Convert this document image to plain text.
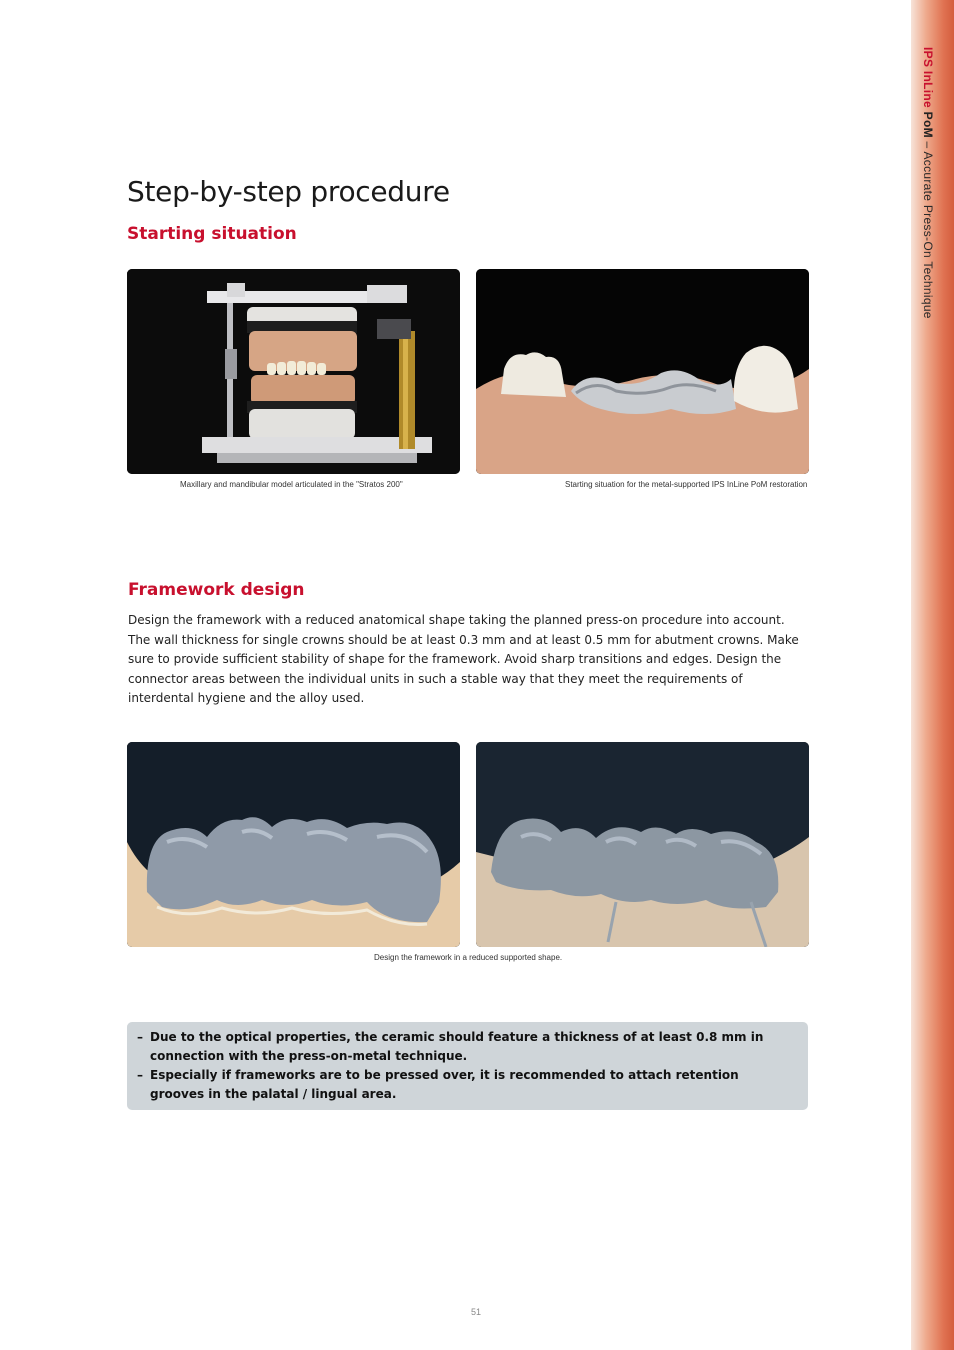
IPS InLine PoM – Accurate Press-On Technique
Step-by-step procedure
Starting situation
Maxillary and mandibular model articulated in the "Stratos 200"	Starting situation for the metal-supported IPS InLine PoM restoration
Framework design

Design the framework with a reduced anatomical shape taking the planned press-on procedure into account. The wall thickness for single crowns should be at least 0.3 mm and at least 0.5 mm for abutment crowns. Make sure to provide sufficient stability of shape for the framework. Avoid sharp transitions and edges. Design the connector areas between the individual units in such a stable way that they meet the requirements of interdental hygiene and the alloy used.

Design the framework in a reduced supported shape.
– Due to the optical properties, the ceramic should feature a thickness of at least 0.8 mm in connection with the press-on-metal technique.
– Especially if frameworks are to be pressed over, it is recommended to attach retention grooves in the palatal / lingual area.
51
